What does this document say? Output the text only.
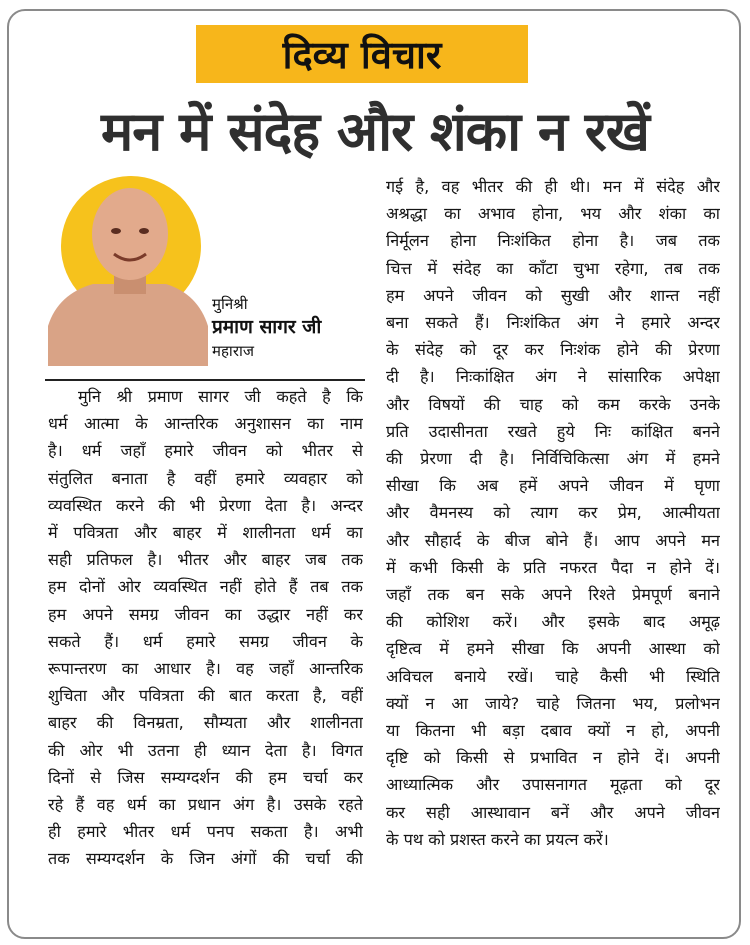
दिव्य विचार
मन में संदेह और शंका न रखें
मुनिश्री
प्रमाण सागर जी
महाराज
मुनि श्री प्रमाण सागर जी कहते है कि
धर्म आत्मा के आन्तरिक अनुशासन का नाम
है। धर्म जहाँ हमारे जीवन को भीतर से
संतुलित बनाता है वहीं हमारे व्यवहार को
व्यवस्थित करने की भी प्रेरणा देता है। अन्दर
में पवित्रता और बाहर में शालीनता धर्म का
सही प्रतिफल है। भीतर और बाहर जब तक
हम दोनों ओर व्यवस्थित नहीं होते हैं तब तक
हम अपने समग्र जीवन का उद्धार नहीं कर
सकते हैं। धर्म हमारे समग्र जीवन के
रूपान्तरण का आधार है। वह जहाँ आन्तरिक
शुचिता और पवित्रता की बात करता है, वहीं
बाहर की विनम्रता, सौम्यता और शालीनता
की ओर भी उतना ही ध्यान देता है। विगत
दिनों से जिस सम्यग्दर्शन की हम चर्चा कर
रहे हैं वह धर्म का प्रधान अंग है। उसके रहते
ही हमारे भीतर धर्म पनप सकता है। अभी
तक सम्यग्दर्शन के जिन अंगों की चर्चा की
गई है, वह भीतर की ही थी। मन में संदेह और
अश्रद्धा का अभाव होना, भय और शंका का
निर्मूलन होना निःशंकित होना है। जब तक
चित्त में संदेह का काँटा चुभा रहेगा, तब तक
हम अपने जीवन को सुखी और शान्त नहीं
बना सकते हैं। निःशंकित अंग ने हमारे अन्दर
के संदेह को दूर कर निःशंक होने की प्रेरणा
दी है। निःकांक्षित अंग ने सांसारिक अपेक्षा
और विषयों की चाह को कम करके उनके
प्रति उदासीनता रखते हुये निः कांक्षित बनने
की प्रेरणा दी है। निर्विचिकित्सा अंग में हमने
सीखा कि अब हमें अपने जीवन में घृणा
और वैमनस्य को त्याग कर प्रेम, आत्मीयता
और सौहार्द के बीज बोने हैं। आप अपने मन
में कभी किसी के प्रति नफरत पैदा न होने दें।
जहाँ तक बन सके अपने रिश्ते प्रेमपूर्ण बनाने
की कोशिश करें। और इसके बाद अमूढ़
दृष्टित्व में हमने सीखा कि अपनी आस्था को
अविचल बनाये रखें। चाहे कैसी भी स्थिति
क्यों न आ जाये? चाहे जितना भय, प्रलोभन
या कितना भी बड़ा दबाव क्यों न हो, अपनी
दृष्टि को किसी से प्रभावित न होने दें। अपनी
आध्यात्मिक और उपासनागत मूढ़ता को दूर
कर सही आस्थावान बनें और अपने जीवन
के पथ को प्रशस्त करने का प्रयत्न करें।
